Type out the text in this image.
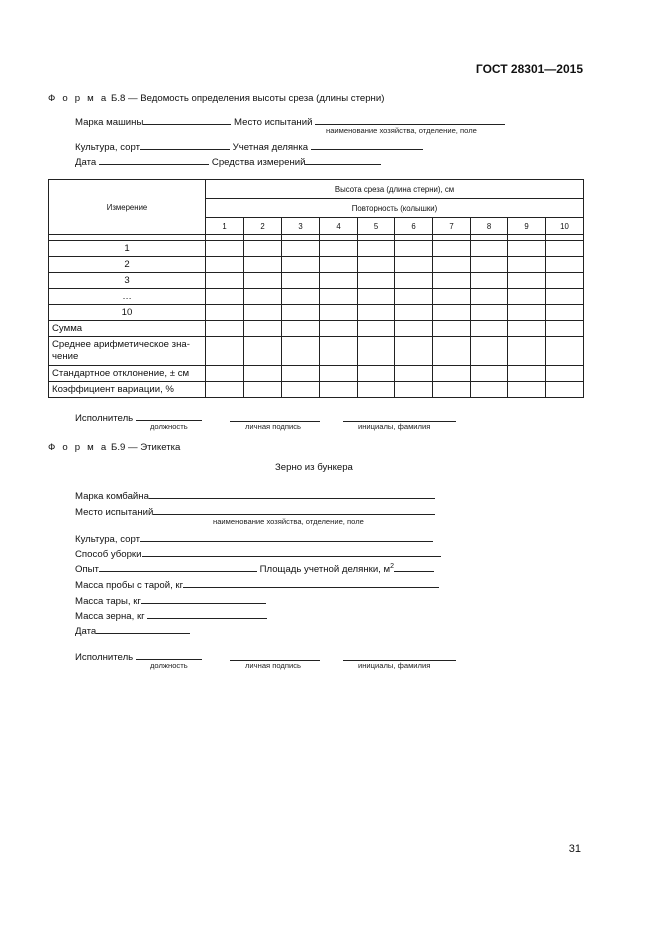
ГОСТ 28301—2015
Ф о р м а Б.8 — Ведомость определения высоты среза (длины стерни)
Марка машины	Место испытаний
наименование хозяйства, отделение, поле
Культура, сорт	Учетная делянка
Дата	Средства измерений
Измерение	Высота среза (длина стерни), см									
	Повторность (колышки)									
	1	2	3	4	5	6	7	8	9	10

1										
2										
3										
…										
10										
Сумма										

Среднее арифметическое зна-
чение										

Стандартное отклонение, ± см										
Коэффициент вариации, %										
Исполнитель
должность	личная подпись	инициалы, фамилия
Ф о р м а Б.9 — Этикетка
Зерно из бункера
Марка комбайна
Место испытаний
наименование хозяйства, отделение, поле
Культура, сорт
Способ уборки
Опыт	Площадь учетной делянки, $м^2$
Масса пробы с тарой, кг
Масса тары, кг
Масса зерна, кг
Дата
Исполнитель
должность	личная подпись	инициалы, фамилия
31
